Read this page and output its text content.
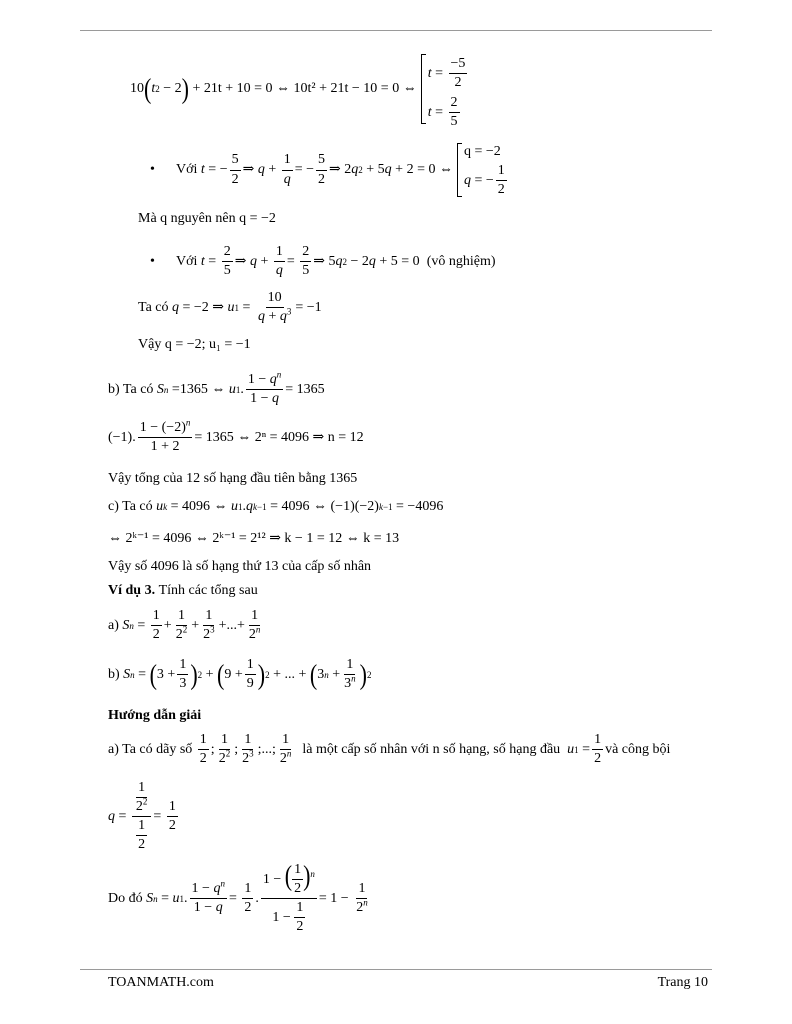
10 ( t 2 − 2 )
+ 21t + 10 = 0 ⇔ 10t² + 21t − 10 = 0 ⇔
$t = \frac{-5}{2}$
$t = \frac{2}{5}$
•	Với
t = − $\frac{5}{2}$ ⇒ $q + \frac{1}{q}$ = − $\frac{5}{2}$ ⇒ 2 q 2 + 5 q + 2 = 0 ⇔
q = −2
q = − $\frac{1}{2}$
Mà q nguyên nên q = −2
•	Với
$t = \frac{2}{5}$ ⇒ $q + \frac{1}{q} = \frac{2}{5}$ ⇒ 5 q 2 − 2 q + 5 = 0 (vô nghiệm)
Ta có
q = −2 ⇒ u $1 = \frac{10}{q + q^3} = -1$
Vậy q = −2; u₁ = −1
b) Ta có
S n =1365 ⇔ u 1 . $\frac{1 - q^n}{1 - q} = 1365$
(−1). $\frac{1 - (-2)^n}{1 + 2} = 1365$ ⇔ 2ⁿ = 4096 ⇒ n = 12
Vậy tổng của 12 số hạng đầu tiên bằng 1365
c) Ta có
u k = 4096 ⇔ u 1 . q k−1 = 4096 ⇔ (−1)(−2) k−1 = −4096
⇔ 2ᵏ⁻¹ = 4096 ⇔ 2ᵏ⁻¹ = 2¹² ⇒ k − 1 = 12 ⇔ k = 13
Vậy số 4096 là số hạng thứ 13 của cấp số nhân
Ví dụ 3. Tính các tổng sau
a)
S $n = \frac{1}{2} + \frac{1}{2^2} + \frac{1}{2^3}$ +...+ $\frac{1}{2^n}$
b)
S n = ( $3 + \frac{1}{3}$ ) 2 + ( $9 + \frac{1}{9}$ ) 2 + ... + ( 3 $n + \frac{1}{3^n}$ ) 2
Hướng dẫn giải
a) Ta có dãy số
$\frac{1}{2}$ ; $\frac{1}{2^2}$ ; $\frac{1}{2^3}$ ;...; $\frac{1}{2^n}$
là một cấp số nhân với n số hạng, số hạng đầu
u $1 = \frac{1}{2}$ và công bội
$q = \frac{\frac{1}{2^2}}{\frac{1}{2}} = \frac{1}{2}$
Do đó
S n = u 1 . $\frac{1 - q^n}{1 - q} = \frac{1}{2}$ . $\frac{1 - ( \frac{1}{2} )^n}{1 - \frac{1}{2}} = 1 - \frac{1}{2^n}$
TOANMATH.com	Trang 10
